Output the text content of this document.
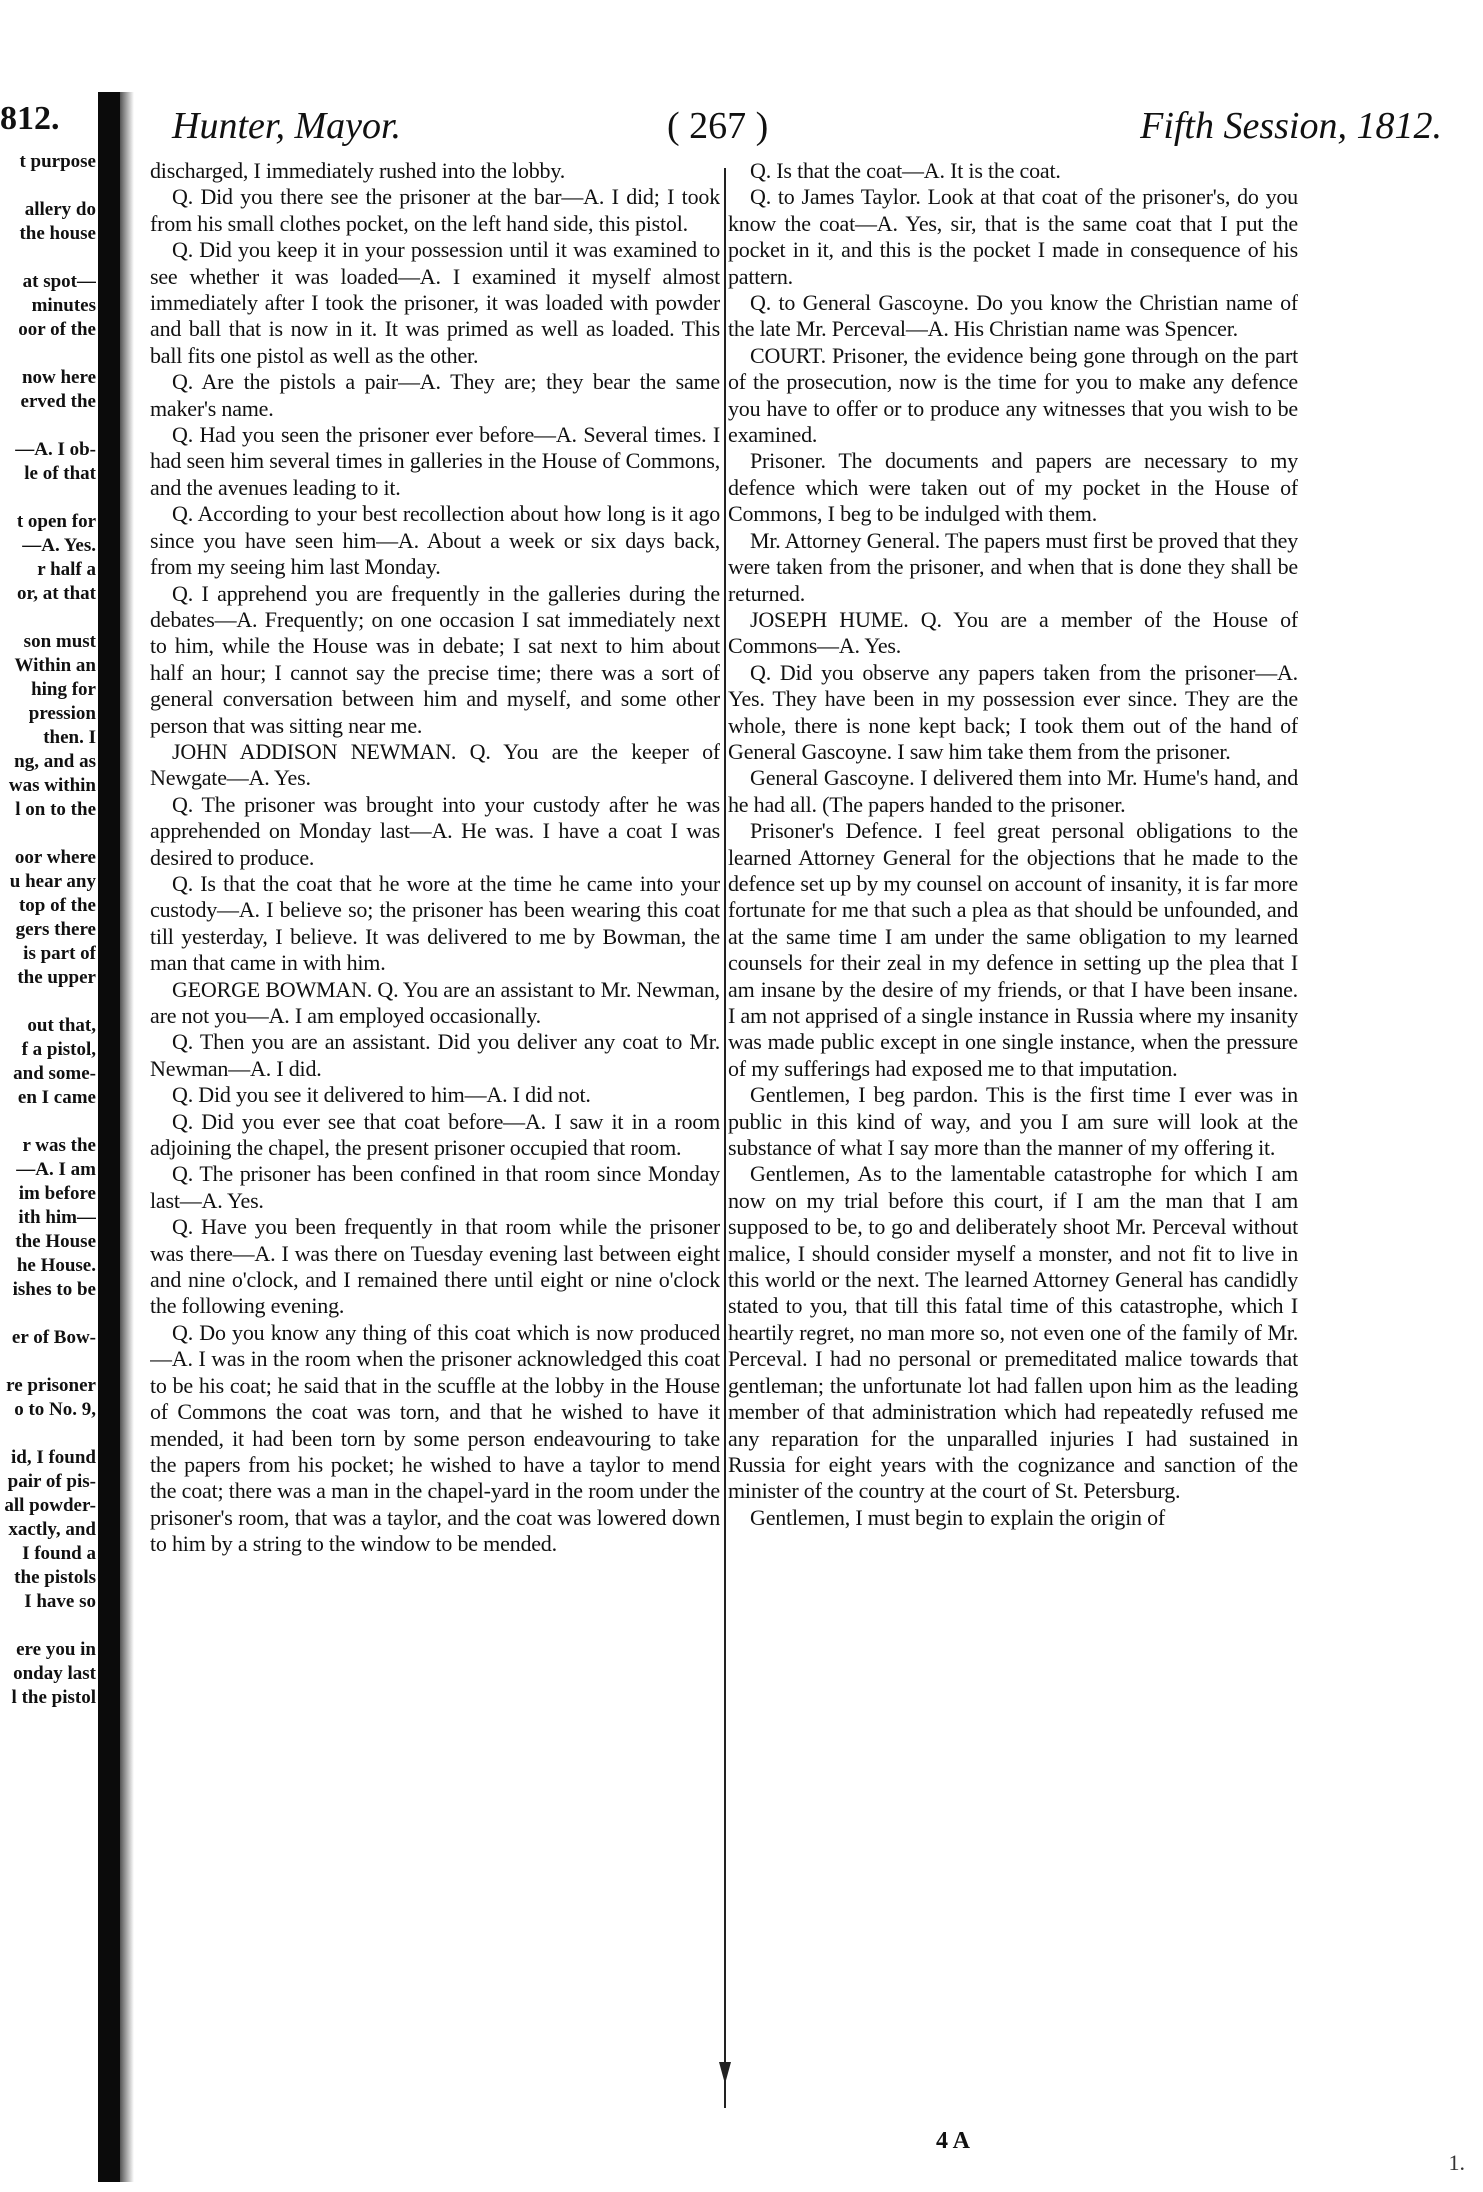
812.
t purpose
allery do
the house
at spot—
minutes
oor of the
now here
erved the
—A. I ob-
le of that
t open for
—A. Yes.
r half a
or, at that
son must
Within an
hing for
pression
then. I
ng, and as
was within
l on to the
oor where
u hear any
top of the
gers there
is part of
the upper
out that,
f a pistol,
and some-
en I came
r was the
—A. I am
im before
ith him—
the House
he House.
ishes to be
er of Bow-
re prisoner
o to No. 9,
id, I found
pair of pis-
all powder-
xactly, and
I found a
the pistols
I have so
ere you in
onday last
l the pistol
Hunter, Mayor.	( 267 )	Fifth Session, 1812.

discharged, I immediately rushed into the lobby.

Q. Did you there see the prisoner at the bar—A. I did; I took from his small clothes pocket, on the left hand side, this pistol.

Q. Did you keep it in your possession until it was examined to see whether it was loaded—A. I examined it myself almost immediately after I took the prisoner, it was loaded with powder and ball that is now in it. It was primed as well as loaded. This ball fits one pistol as well as the other.

Q. Are the pistols a pair—A. They are; they bear the same maker's name.

Q. Had you seen the prisoner ever before—A. Several times. I had seen him several times in galleries in the House of Commons, and the avenues leading to it.

Q. According to your best recollection about how long is it ago since you have seen him—A. About a week or six days back, from my seeing him last Monday.

Q. I apprehend you are frequently in the galleries during the debates—A. Frequently; on one occasion I sat immediately next to him, while the House was in debate; I sat next to him about half an hour; I cannot say the precise time; there was a sort of general conversation between him and myself, and some other person that was sitting near me.

JOHN ADDISON NEWMAN. Q. You are the keeper of Newgate—A. Yes.

Q. The prisoner was brought into your custody after he was apprehended on Monday last—A. He was. I have a coat I was desired to produce.

Q. Is that the coat that he wore at the time he came into your custody—A. I believe so; the prisoner has been wearing this coat till yesterday, I believe. It was delivered to me by Bowman, the man that came in with him.

GEORGE BOWMAN. Q. You are an assistant to Mr. Newman, are not you—A. I am employed occasionally.

Q. Then you are an assistant. Did you deliver any coat to Mr. Newman—A. I did.

Q. Did you see it delivered to him—A. I did not.

Q. Did you ever see that coat before—A. I saw it in a room adjoining the chapel, the present prisoner occupied that room.

Q. The prisoner has been confined in that room since Monday last—A. Yes.

Q. Have you been frequently in that room while the prisoner was there—A. I was there on Tuesday evening last between eight and nine o'clock, and I remained there until eight or nine o'clock the following evening.

Q. Do you know any thing of this coat which is now produced—A. I was in the room when the prisoner acknowledged this coat to be his coat; he said that in the scuffle at the lobby in the House of Commons the coat was torn, and that he wished to have it mended, it had been torn by some person endeavouring to take the papers from his pocket; he wished to have a taylor to mend the coat; there was a man in the chapel-yard in the room under the prisoner's room, that was a taylor, and the coat was lowered down to him by a string to the window to be mended.

Q. Is that the coat—A. It is the coat.

Q. to James Taylor. Look at that coat of the prisoner's, do you know the coat—A. Yes, sir, that is the same coat that I put the pocket in it, and this is the pocket I made in consequence of his pattern.

Q. to General Gascoyne. Do you know the Christian name of the late Mr. Perceval—A. His Christian name was Spencer.

COURT. Prisoner, the evidence being gone through on the part of the prosecution, now is the time for you to make any defence you have to offer or to produce any witnesses that you wish to be examined.

Prisoner. The documents and papers are necessary to my defence which were taken out of my pocket in the House of Commons, I beg to be indulged with them.

Mr. Attorney General. The papers must first be proved that they were taken from the prisoner, and when that is done they shall be returned.

JOSEPH HUME. Q. You are a member of the House of Commons—A. Yes.

Q. Did you observe any papers taken from the prisoner—A. Yes. They have been in my possession ever since. They are the whole, there is none kept back; I took them out of the hand of General Gascoyne. I saw him take them from the prisoner.

General Gascoyne. I delivered them into Mr. Hume's hand, and he had all. (The papers handed to the prisoner.

Prisoner's Defence. I feel great personal obligations to the learned Attorney General for the objections that he made to the defence set up by my counsel on account of insanity, it is far more fortunate for me that such a plea as that should be unfounded, and at the same time I am under the same obligation to my learned counsels for their zeal in my defence in setting up the plea that I am insane by the desire of my friends, or that I have been insane. I am not apprised of a single instance in Russia where my insanity was made public except in one single instance, when the pressure of my sufferings had exposed me to that imputation.

Gentlemen, I beg pardon. This is the first time I ever was in public in this kind of way, and you I am sure will look at the substance of what I say more than the manner of my offering it.

Gentlemen, As to the lamentable catastrophe for which I am now on my trial before this court, if I am the man that I am supposed to be, to go and deliberately shoot Mr. Perceval without malice, I should consider myself a monster, and not fit to live in this world or the next. The learned Attorney General has candidly stated to you, that till this fatal time of this catastrophe, which I heartily regret, no man more so, not even one of the family of Mr. Perceval. I had no personal or premeditated malice towards that gentleman; the unfortunate lot had fallen upon him as the leading member of that administration which had repeatedly refused me any reparation for the unparalled injuries I had sustained in Russia for eight years with the cognizance and sanction of the minister of the country at the court of St. Petersburg.

Gentlemen, I must begin to explain the origin of

4 A
1.
